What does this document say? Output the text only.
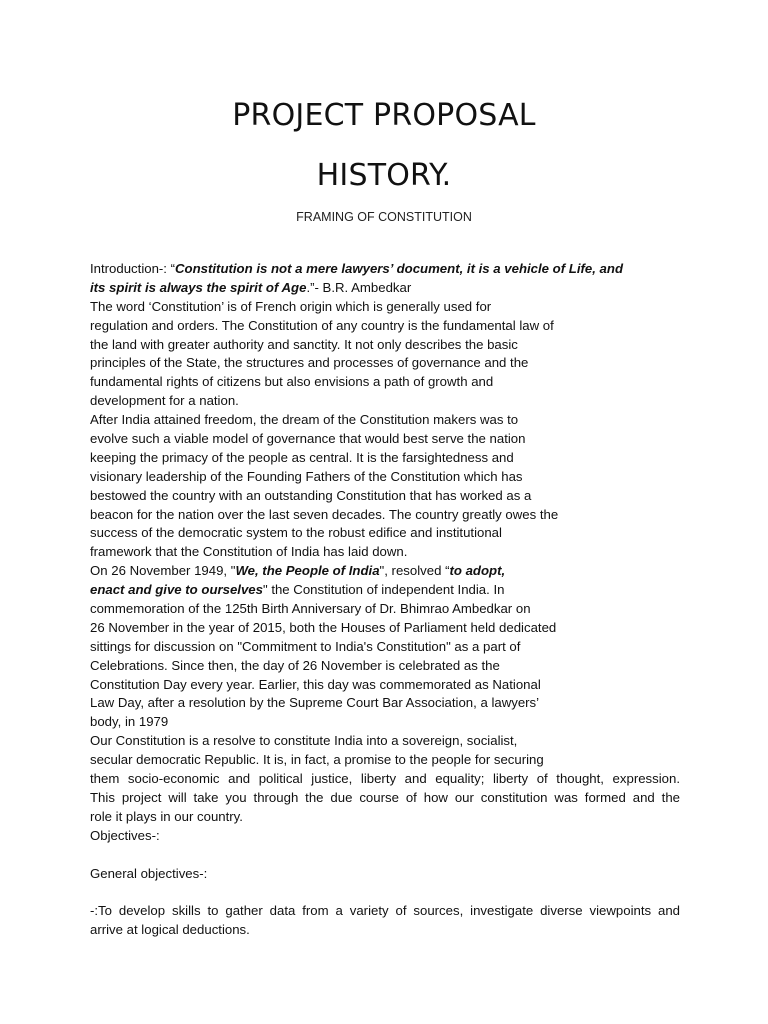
PROJECT PROPOSAL
HISTORY.
FRAMING OF CONSTITUTION
Introduction-: “Constitution is not a mere lawyers’ document, it is a vehicle of Life, and
its spirit is always the spirit of Age.”- B.R. Ambedkar
The word ‘Constitution’ is of French origin which is generally used for
regulation and orders. The Constitution of any country is the fundamental law of
the land with greater authority and sanctity. It not only describes the basic
principles of the State, the structures and processes of governance and the
fundamental rights of citizens but also envisions a path of growth and
development for a nation.
After India attained freedom, the dream of the Constitution makers was to
evolve such a viable model of governance that would best serve the nation
keeping the primacy of the people as central. It is the farsightedness and
visionary leadership of the Founding Fathers of the Constitution which has
bestowed the country with an outstanding Constitution that has worked as a
beacon for the nation over the last seven decades. The country greatly owes the
success of the democratic system to the robust edifice and institutional
framework that the Constitution of India has laid down.
On 26 November 1949, "We, the People of India", resolved “to adopt,
enact and give to ourselves" the Constitution of independent India. In
commemoration of the 125th Birth Anniversary of Dr. Bhimrao Ambedkar on
26 November in the year of 2015, both the Houses of Parliament held dedicated
sittings for discussion on "Commitment to India's Constitution" as a part of
Celebrations. Since then, the day of 26 November is celebrated as the
Constitution Day every year. Earlier, this day was commemorated as National
Law Day, after a resolution by the Supreme Court Bar Association, a lawyers’
body, in 1979
Our Constitution is a resolve to constitute India into a sovereign, socialist,
secular democratic Republic. It is, in fact, a promise to the people for securing
them socio-economic and political justice, liberty and equality; liberty of thought, expression.
This project will take you through the due course of how our constitution was formed and the
role it plays in our country.
Objectives-:
General objectives-:
-:To develop skills to gather data from a variety of sources, investigate diverse viewpoints and
arrive at logical deductions.
